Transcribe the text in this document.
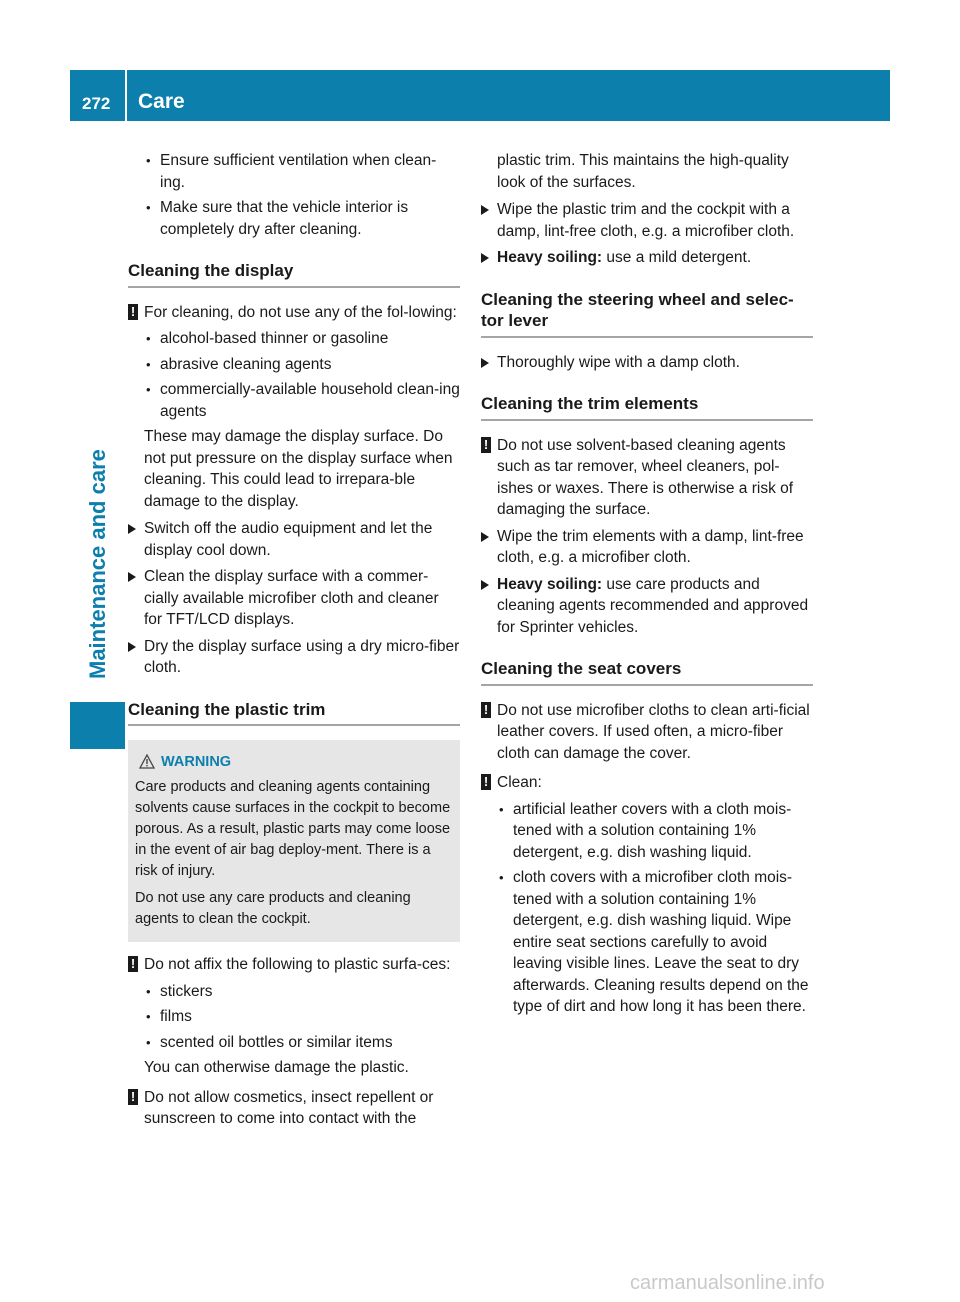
272 Care
Maintenance and care
• Ensure sufficient ventilation when clean-ing.
• Make sure that the vehicle interior is completely dry after cleaning.
Cleaning the display
! For cleaning, do not use any of the fol-lowing:
• alcohol-based thinner or gasoline
• abrasive cleaning agents
• commercially-available household clean-ing agents
These may damage the display surface. Do not put pressure on the display surface when cleaning. This could lead to irrepara-ble damage to the display.
Switch off the audio equipment and let the display cool down.
Clean the display surface with a commer-cially available microfiber cloth and cleaner for TFT/LCD displays.
Dry the display surface using a dry micro-fiber cloth.
Cleaning the plastic trim
WARNING

Care products and cleaning agents containing solvents cause surfaces in the cockpit to become porous. As a result, plastic parts may come loose in the event of air bag deploy-ment. There is a risk of injury.

Do not use any care products and cleaning agents to clean the cockpit.

! Do not affix the following to plastic surfa-ces:
• stickers
• films
• scented oil bottles or similar items
You can otherwise damage the plastic.
! Do not allow cosmetics, insect repellent or sunscreen to come into contact with the
plastic trim. This maintains the high-quality look of the surfaces.
Wipe the plastic trim and the cockpit with a damp, lint-free cloth, e.g. a microfiber cloth.
Heavy soiling: use a mild detergent.
Cleaning the steering wheel and selec-tor lever
Thoroughly wipe with a damp cloth.
Cleaning the trim elements
! Do not use solvent-based cleaning agents such as tar remover, wheel cleaners, pol-ishes or waxes. There is otherwise a risk of damaging the surface.
Wipe the trim elements with a damp, lint-free cloth, e.g. a microfiber cloth.
Heavy soiling: use care products and cleaning agents recommended and approved for Sprinter vehicles.
Cleaning the seat covers
! Do not use microfiber cloths to clean arti-ficial leather covers. If used often, a micro-fiber cloth can damage the cover.
! Clean:
• artificial leather covers with a cloth mois-tened with a solution containing 1% detergent, e.g. dish washing liquid.
• cloth covers with a microfiber cloth mois-tened with a solution containing 1% detergent, e.g. dish washing liquid. Wipe entire seat sections carefully to avoid leaving visible lines. Leave the seat to dry afterwards. Cleaning results depend on the type of dirt and how long it has been there.
carmanualsonline.info
